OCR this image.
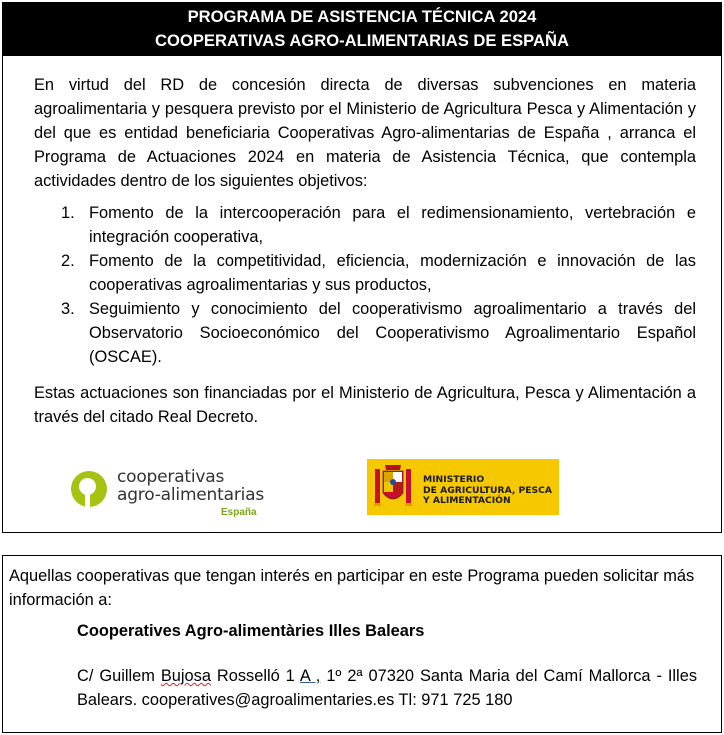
PROGRAMA DE ASISTENCIA TÉCNICA 2024
COOPERATIVAS AGRO-ALIMENTARIAS DE ESPAÑA

En virtud del RD de concesión directa de diversas subvenciones en materia agroalimentaria y pesquera previsto por el Ministerio de Agricultura Pesca y Alimentación y del que es entidad beneficiaria Cooperativas Agro-alimentarias de España , arranca el Programa de Actuaciones 2024 en materia de Asistencia Técnica, que contempla actividades dentro de los siguientes objetivos:

1. Fomento de la intercooperación para el redimensionamiento, vertebración e integración cooperativa,
2. Fomento de la competitividad, eficiencia, modernización e innovación de las cooperativas agroalimentarias y sus productos,
3. Seguimiento y conocimiento del cooperativismo agroalimentario a través del Observatorio Socioeconómico del Cooperativismo Agroalimentario Español (OSCAE).

Estas actuaciones son financiadas por el Ministerio de Agricultura, Pesca y Alimentación a través del citado Real Decreto.

cooperativas
agro-alimentarias
España
MINISTERIO
DE AGRICULTURA, PESCA
Y ALIMENTACIÓN

Aquellas cooperativas que tengan interés en participar en este Programa pueden solicitar más información a:

Cooperatives Agro-alimentàries Illes Balears

C/ Guillem Bujosa Rosselló 1 A , 1º 2ª 07320 Santa Maria del Camí Mallorca - Illes Balears. cooperatives@agroalimentaries.es Tl: 971 725 180
